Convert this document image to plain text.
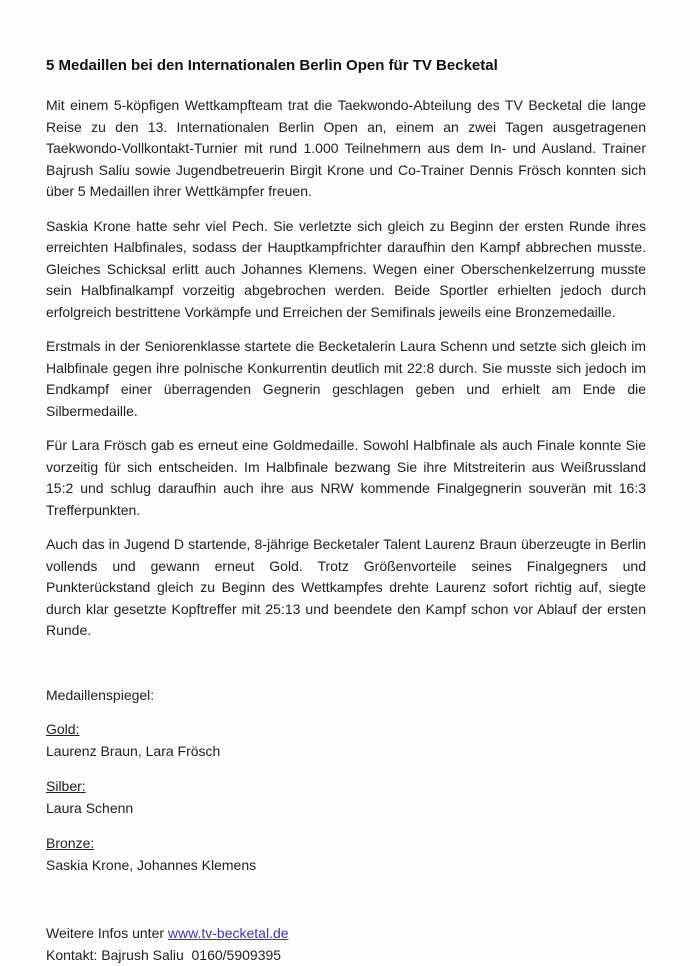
5 Medaillen bei den Internationalen Berlin Open für TV Becketal

Mit einem 5-köpfigen Wettkampfteam trat die Taekwondo-Abteilung des TV Becketal die lange Reise zu den 13. Internationalen Berlin Open an, einem an zwei Tagen ausgetragenen Taekwondo-Vollkontakt-Turnier mit rund 1.000 Teilnehmern aus dem In- und Ausland. Trainer Bajrush Saliu sowie Jugendbetreuerin Birgit Krone und Co-Trainer Dennis Frösch konnten sich über 5 Medaillen ihrer Wettkämpfer freuen.

Saskia Krone hatte sehr viel Pech. Sie verletzte sich gleich zu Beginn der ersten Runde ihres erreichten Halbfinales, sodass der Hauptkampfrichter daraufhin den Kampf abbrechen musste. Gleiches Schicksal erlitt auch Johannes Klemens. Wegen einer Oberschenkelzerrung musste sein Halbfinalkampf vorzeitig abgebrochen werden. Beide Sportler erhielten jedoch durch erfolgreich bestrittene Vorkämpfe und Erreichen der Semifinals jeweils eine Bronzemedaille.

Erstmals in der Seniorenklasse startete die Becketalerin Laura Schenn und setzte sich gleich im Halbfinale gegen ihre polnische Konkurrentin deutlich mit 22:8 durch. Sie musste sich jedoch im Endkampf einer überragenden Gegnerin geschlagen geben und erhielt am Ende die Silbermedaille.

Für Lara Frösch gab es erneut eine Goldmedaille. Sowohl Halbfinale als auch Finale konnte Sie vorzeitig für sich entscheiden. Im Halbfinale bezwang Sie ihre Mitstreiterin aus Weißrussland 15:2 und schlug daraufhin auch ihre aus NRW kommende Finalgegnerin souverän mit 16:3 Trefferpunkten.

Auch das in Jugend D startende, 8-jährige Becketaler Talent Laurenz Braun überzeugte in Berlin vollends und gewann erneut Gold. Trotz Größenvorteile seines Finalgegners und Punkterückstand gleich zu Beginn des Wettkampfes drehte Laurenz sofort richtig auf, siegte durch klar gesetzte Kopftreffer mit 25:13 und beendete den Kampf schon vor Ablauf der ersten Runde.

Medaillenspiegel:

Gold:
Laurenz Braun, Lara Frösch
Silber:
Laura Schenn
Bronze:
Saskia Krone, Johannes Klemens
Weitere Infos unter www.tv-becketal.de
Kontakt: Bajrush Saliu  0160/5909395
